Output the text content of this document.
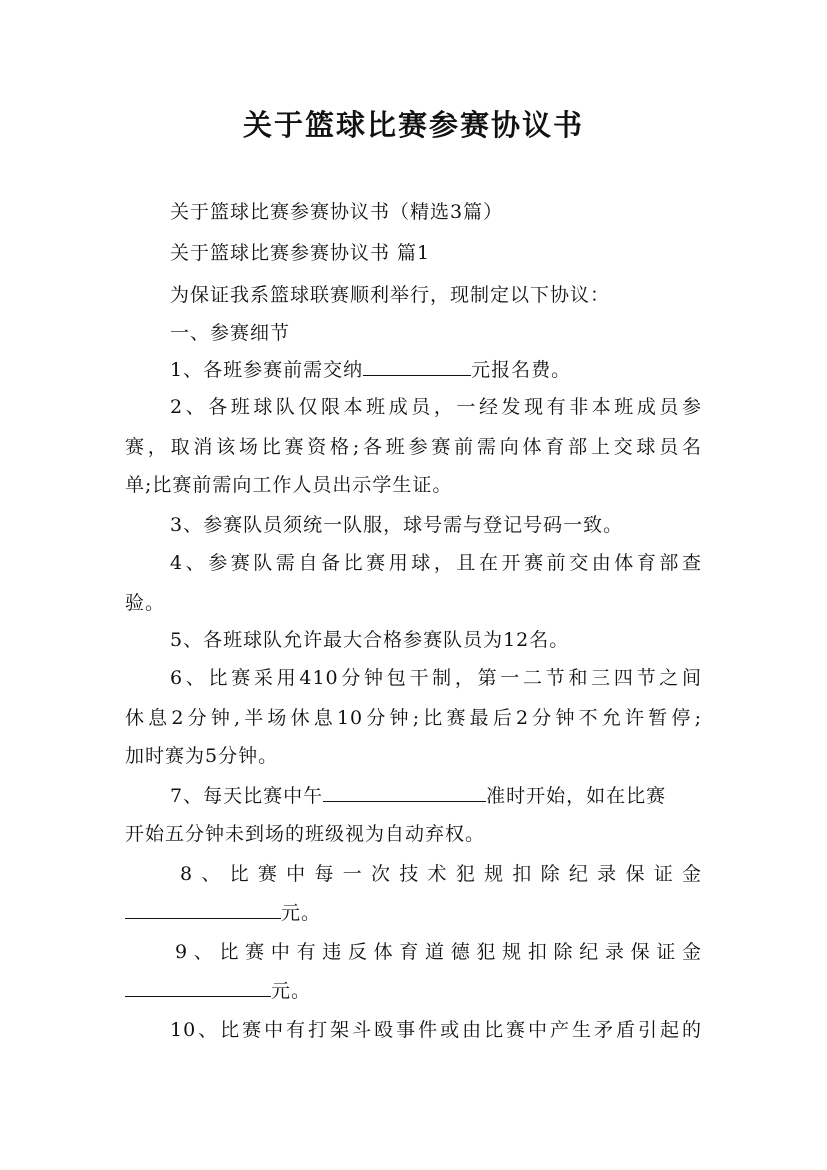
关于篮球比赛参赛协议书
关于篮球比赛参赛协议书（精选3篇）
关于篮球比赛参赛协议书 篇1
为保证我系篮球联赛顺利举行，现制定以下协议：
一、参赛细节
1、各班参赛前需交纳	元报名费。
2、各班球队仅限本班成员，一经发现有非本班成员参
赛，取消该场比赛资格;各班参赛前需向体育部上交球员名
单;比赛前需向工作人员出示学生证。
3、参赛队员须统一队服，球号需与登记号码一致。
4、参赛队需自备比赛用球，且在开赛前交由体育部查
验。
5、各班球队允许最大合格参赛队员为12名。
6、比赛采用410分钟包干制，第一二节和三四节之间
休息2分钟,半场休息10分钟;比赛最后2分钟不允许暂停;
加时赛为5分钟。
7、每天比赛中午	准时开始，如在比赛
开始五分钟未到场的班级视为自动弃权。
8、比赛中每一次技术犯规扣除纪录保证金
元。
9、比赛中有违反体育道德犯规扣除纪录保证金
元。
10、比赛中有打架斗殴事件或由比赛中产生矛盾引起的
